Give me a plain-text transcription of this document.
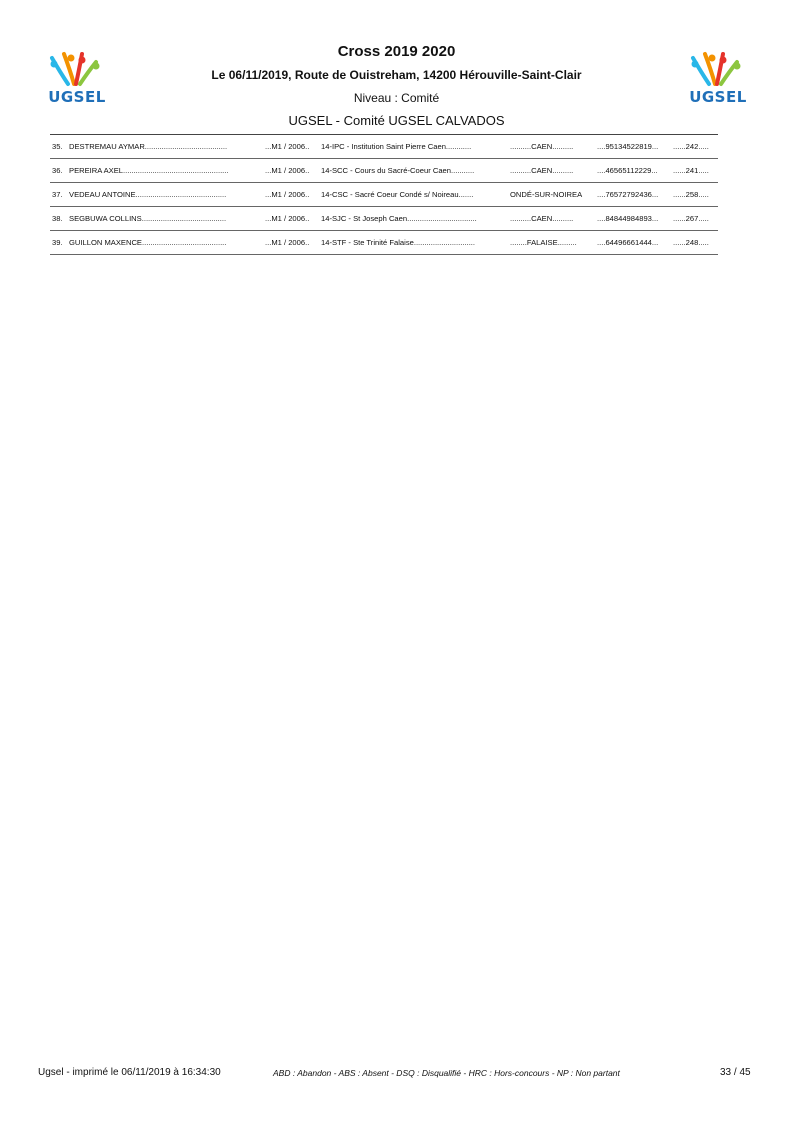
UGSEL	UGSEL
Cross 2019 2020
Le 06/11/2019, Route de Ouistreham, 14200 Hérouville-Saint-Clair
Niveau : Comité
UGSEL - Comité UGSEL CALVADOS
35. DESTREMAU AYMAR.......................................	...M1 / 2006..	14-IPC - Institution Saint Pierre Caen............	..........CAEN..........	....95134522819...	......242.....
36. PEREIRA AXEL..................................................	...M1 / 2006..	14-SCC - Cours du Sacré-Coeur Caen...........	..........CAEN..........	....46565112229...	......241.....
37. VEDEAU ANTOINE...........................................	...M1 / 2006..	14-CSC - Sacré Coeur Condé s/ Noireau.......	ONDÉ-SUR-NOIREA	....76572792436...	......258.....
38. SEGBUWA COLLINS........................................	...M1 / 2006..	14-SJC - St Joseph Caen.................................	..........CAEN..........	....84844984893...	......267.....
39. GUILLON MAXENCE........................................	...M1 / 2006..	14-STF - Ste Trinité Falaise.............................	........FALAISE.........	....64496661444...	......248.....
Ugsel - imprimé le 06/11/2019 à 16:34:30	ABD : Abandon - ABS : Absent - DSQ : Disqualifié - HRC : Hors-concours - NP : Non partant	33 / 45
